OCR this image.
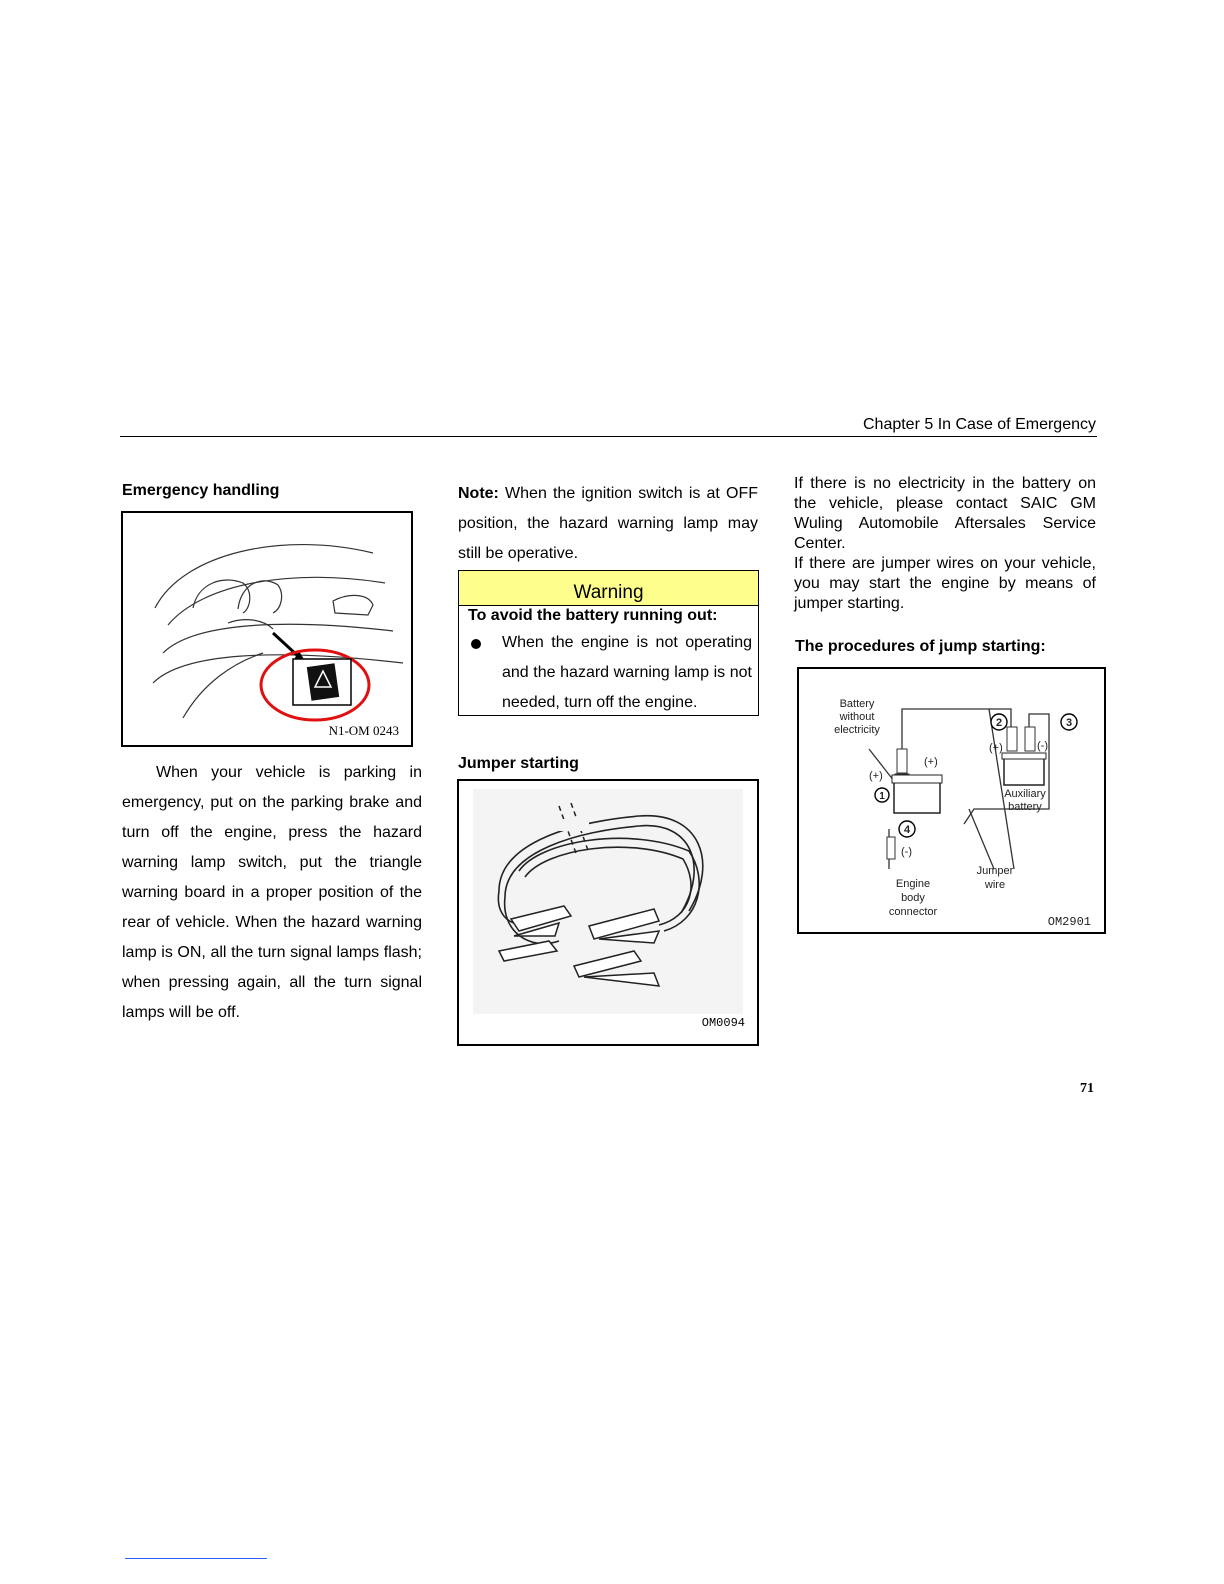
Chapter 5 In Case of Emergency
Emergency handling
N1-OM 0243
When your vehicle is parking in emergency, put on the parking brake and turn off the engine, press the hazard warning lamp switch, put the triangle warning board in a proper position of the rear of vehicle. When the hazard warning lamp is ON, all the turn signal lamps flash; when pressing again, all the turn signal lamps will be off.
Note: When the ignition switch is at OFF position, the hazard warning lamp may still be operative.
Warning
To avoid the battery running out:
When the engine is not operating and the hazard warning lamp is not needed, turn off the engine.
Jumper starting
OM0094
If there is no electricity in the battery on the vehicle, please contact SAIC GM Wuling Automobile Aftersales Service Center.
If there are jumper wires on your vehicle, you may start the engine by means of jumper starting.
The procedures of jump starting:
1
2	3
4
Battery
without
electricity
(+)
(+)
(+)	(-)
(-)
Auxiliary
battery
Engine
body
connector
Jumper
wire
OM2901
71
